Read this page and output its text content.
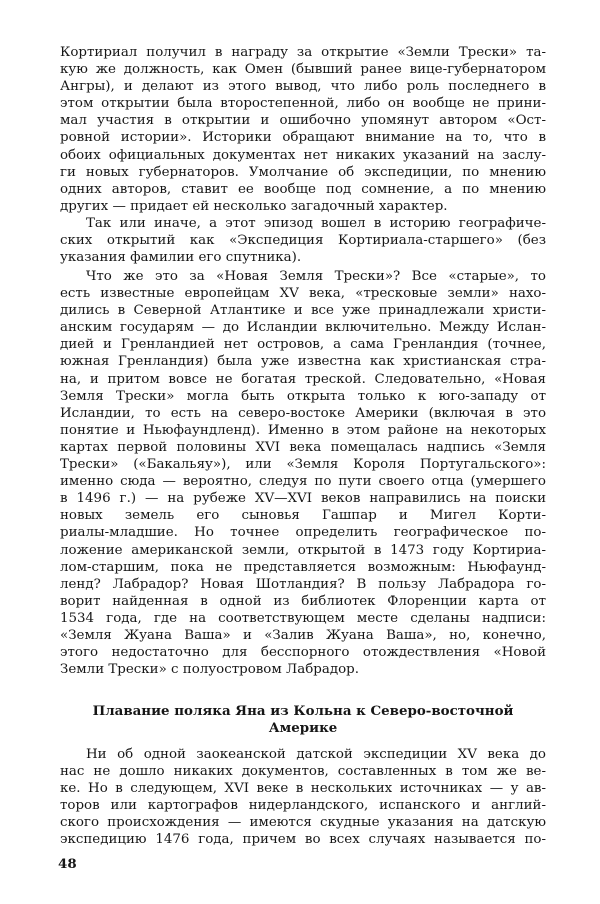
Кортириал получил в награду за открытие «Земли Трески» та-
кую же должность, как Омен (бывший ранее вице-губернатором
Ангры), и делают из этого вывод, что либо роль последнего в
этом открытии была второстепенной, либо он вообще не прини-
мал участия в открытии и ошибочно упомянут автором «Ост-
ровной истории». Историки обращают внимание на то, что в
обоих официальных документах нет никаких указаний на заслу-
ги новых губернаторов. Умолчание об экспедиции, по мнению
одних авторов, ставит ее вообще под сомнение, а по мнению
других — придает ей несколько загадочный характер.
Так или иначе, а этот эпизод вошел в историю географиче-
ских открытий как «Экспедиция Кортириала-старшего» (без
указания фамилии его спутника).
Что же это за «Новая Земля Трески»? Все «старые», то
есть известные европейцам XV века, «тресковые земли» нахо-
дились в Северной Атлантике и все уже принадлежали христи-
анским государям — до Исландии включительно. Между Ислан-
дией и Гренландией нет островов, а сама Гренландия (точнее,
южная Гренландия) была уже известна как христианская стра-
на, и притом вовсе не богатая треской. Следовательно, «Новая
Земля Трески» могла быть открыта только к юго-западу от
Исландии, то есть на северо-востоке Америки (включая в это
понятие и Ньюфаундленд). Именно в этом районе на некоторых
картах первой половины XVI века помещалась надпись «Земля
Трески» («Бакальяу»), или «Земля Короля Португальского»:
именно сюда — вероятно, следуя по пути своего отца (умершего
в 1496 г.) — на рубеже XV—XVI веков направились на поиски
новых земель его сыновья Гашпар и Мигел Корти-
риалы-младшие. Но точнее определить географическое по-
ложение американской земли, открытой в 1473 году Кортириа-
лом-старшим, пока не представляется возможным: Ньюфаунд-
ленд? Лабрадор? Новая Шотландия? В пользу Лабрадора го-
ворит найденная в одной из библиотек Флоренции карта от
1534 года, где на соответствующем месте сделаны надписи:
«Земля Жуана Ваша» и «Залив Жуана Ваша», но, конечно,
этого недостаточно для бесспорного отождествления «Новой
Земли Трески» с полуостровом Лабрадор.
Плавание поляка Яна из Кольна к Северо-восточной
Америке
Ни об одной заокеанской датской экспедиции XV века до
нас не дошло никаких документов, составленных в том же ве-
ке. Но в следующем, XVI веке в нескольких источниках — у ав-
торов или картографов нидерландского, испанского и англий-
ского происхождения — имеются скудные указания на датскую
экспедицию 1476 года, причем во всех случаях называется по-
48
